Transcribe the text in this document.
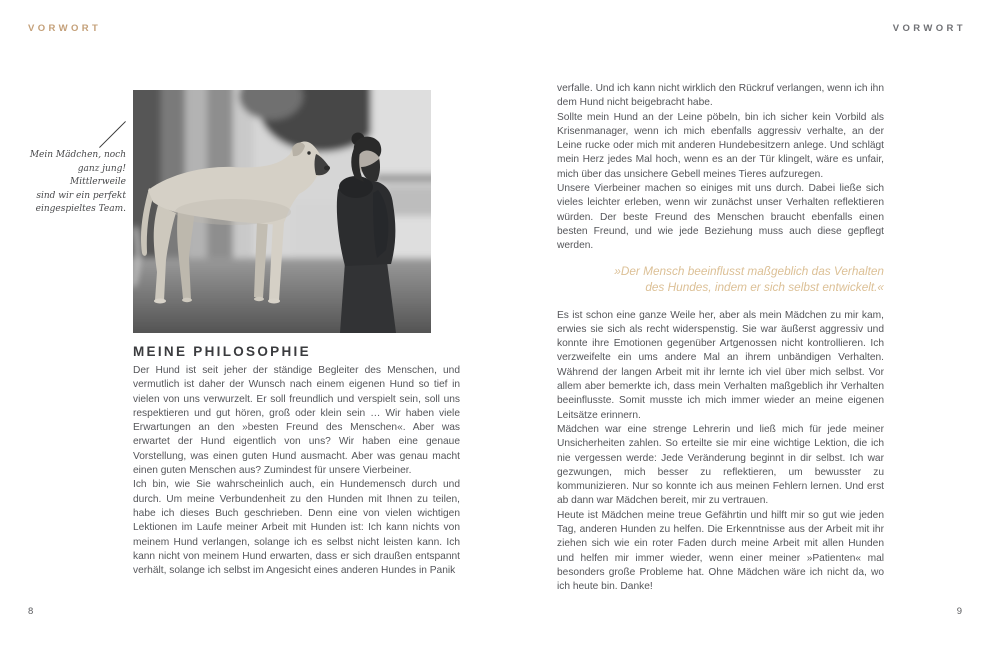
VORWORT	VORWORT
Mein Mädchen, noch
ganz jung! Mittlerweile
sind wir ein perfekt
eingespieltes Team.
MEINE PHILOSOPHIE

Der Hund ist seit jeher der ständige Begleiter des Menschen, und vermutlich ist daher der Wunsch nach einem eigenen Hund so tief in vielen von uns verwurzelt. Er soll freundlich und verspielt sein, soll uns respektieren und gut hören, groß oder klein sein … Wir haben viele Erwartungen an den »besten Freund des Menschen«. Aber was erwartet der Hund eigentlich von uns? Wir haben eine genaue Vorstellung, was einen guten Hund ausmacht. Aber was genau macht einen guten Menschen aus? Zumindest für unsere Vierbeiner.

Ich bin, wie Sie wahrscheinlich auch, ein Hundemensch durch und durch. Um meine Verbundenheit zu den Hunden mit Ihnen zu teilen, habe ich dieses Buch geschrieben. Denn eine von vielen wichtigen Lektionen im Laufe meiner Arbeit mit Hunden ist: Ich kann nichts von meinem Hund verlangen, solange ich es selbst nicht leisten kann. Ich kann nicht von meinem Hund erwarten, dass er sich draußen entspannt verhält, solange ich selbst im Angesicht eines anderen Hundes in Panik

verfalle. Und ich kann nicht wirklich den Rückruf verlangen, wenn ich ihn dem Hund nicht beigebracht habe.

Sollte mein Hund an der Leine pöbeln, bin ich sicher kein Vorbild als Krisenmanager, wenn ich mich ebenfalls aggressiv verhalte, an der Leine rucke oder mich mit anderen Hundebesitzern anlege. Und schlägt mein Herz jedes Mal hoch, wenn es an der Tür klingelt, wäre es unfair, mich über das unsichere Gebell meines Tieres aufzuregen.

Unsere Vierbeiner machen so einiges mit uns durch. Dabei ließe sich vieles leichter erleben, wenn wir zunächst unser Verhalten reflektieren würden. Der beste Freund des Menschen braucht ebenfalls einen besten Freund, und wie jede Beziehung muss auch diese gepflegt werden.

»Der Mensch beeinflusst maßgeblich das Verhalten
des Hundes, indem er sich selbst entwickelt.«

Es ist schon eine ganze Weile her, aber als mein Mädchen zu mir kam, erwies sie sich als recht widerspenstig. Sie war äußerst aggressiv und konnte ihre Emotionen gegenüber Artgenossen nicht kontrollieren. Ich verzweifelte ein ums andere Mal an ihrem unbändigen Verhalten. Während der langen Arbeit mit ihr lernte ich viel über mich selbst. Vor allem aber bemerkte ich, dass mein Verhalten maßgeblich ihr Verhalten beeinflusste. Somit musste ich mich immer wieder an meine eigenen Leitsätze erinnern.

Mädchen war eine strenge Lehrerin und ließ mich für jede meiner Unsicherheiten zahlen. So erteilte sie mir eine wichtige Lektion, die ich nie vergessen werde: Jede Veränderung beginnt in dir selbst. Ich war gezwungen, mich besser zu reflektieren, um bewusster zu kommunizieren. Nur so konnte ich aus meinen Fehlern lernen. Und erst ab dann war Mädchen bereit, mir zu vertrauen.

Heute ist Mädchen meine treue Gefährtin und hilft mir so gut wie jeden Tag, anderen Hunden zu helfen. Die Erkenntnisse aus der Arbeit mit ihr ziehen sich wie ein roter Faden durch meine Arbeit mit allen Hunden und helfen mir immer wieder, wenn einer meiner »Patienten« mal besonders große Probleme hat. Ohne Mädchen wäre ich nicht da, wo ich heute bin. Danke!

8	9
